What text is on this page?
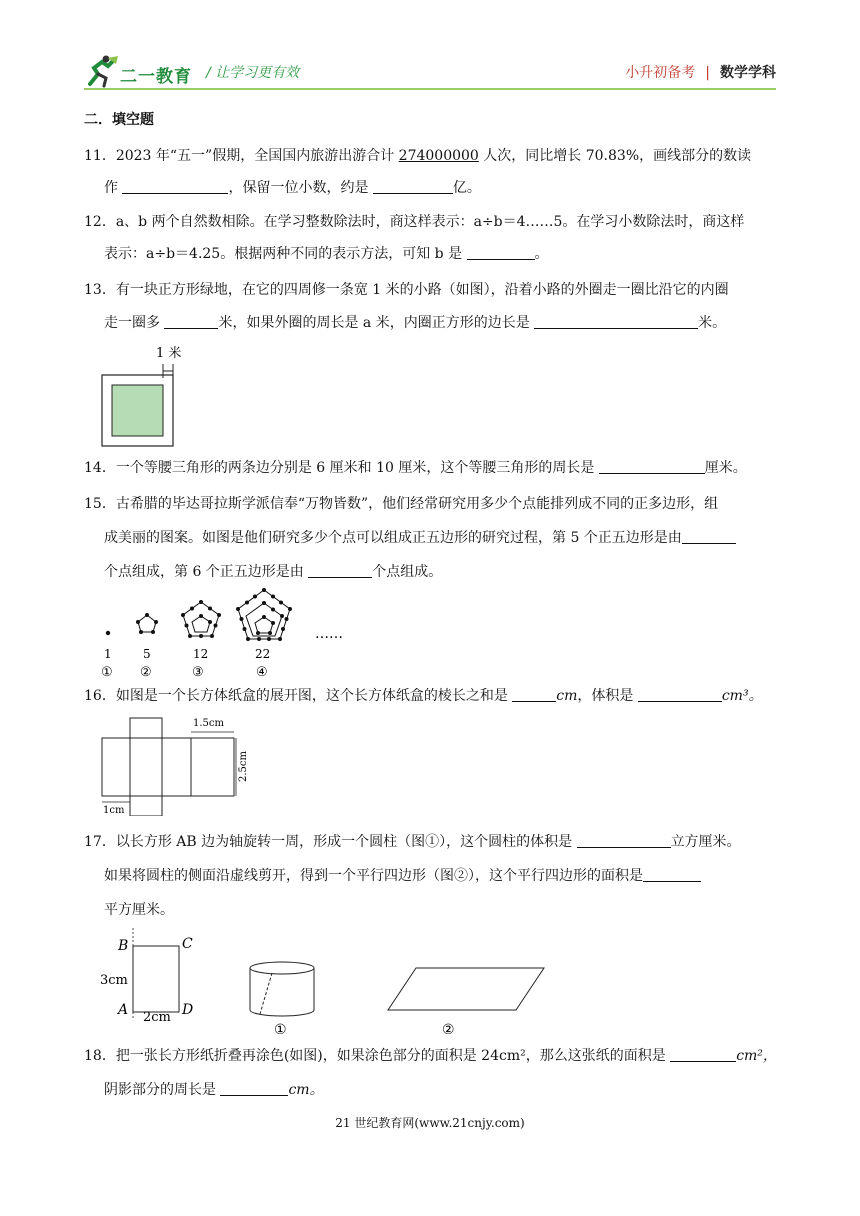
二一教育 / 让学习更有效	小升初备考 | 数学学科
二．填空题
11．2023 年“五一”假期，全国国内旅游出游合计 274000000 人次，同比增长 70.83%，画线部分的数读
作	，保留一位小数，约是	亿。
12．a、b 两个自然数相除。在学习整数除法时，商这样表示：a÷b＝4……5。在学习小数除法时，商这样
表示：a÷b＝4.25。根据两种不同的表示方法，可知 b 是	。
13．有一块正方形绿地，在它的四周修一条宽 1 米的小路（如图），沿着小路的外圈走一圈比沿它的内圈
走一圈多	米，如果外圈的周长是 a 米，内圈正方形的边长是	米。
1 米
14．一个等腰三角形的两条边分别是 6 厘米和 10 厘米，这个等腰三角形的周长是	厘米。
15．古希腊的毕达哥拉斯学派信奉“万物皆数”，他们经常研究用多少个点能排列成不同的正多边形，组
成美丽的图案。如图是他们研究多少个点可以组成正五边形的研究过程，第 5 个正五边形是由
个点组成，第 6 个正五边形是由	个点组成。
……
1	5	12	22
① ②	③	④
16．如图是一个长方体纸盒的展开图，这个长方体纸盒的棱长之和是	cm，体积是	cm³。
1.5cm
2.5cm
1cm
17．以长方形 AB 边为轴旋转一周，形成一个圆柱（图①），这个圆柱的体积是	立方厘米。
如果将圆柱的侧面沿虚线剪开，得到一个平行四边形（图②），这个平行四边形的面积是
平方厘米。
B	C
A	D
3cm
2cm
①	②
18．把一张长方形纸折叠再涂色(如图)，如果涂色部分的面积是 24cm²，那么这张纸的面积是	cm²，
阴影部分的周长是	cm。
21 世纪教育网(www.21cnjy.com)
